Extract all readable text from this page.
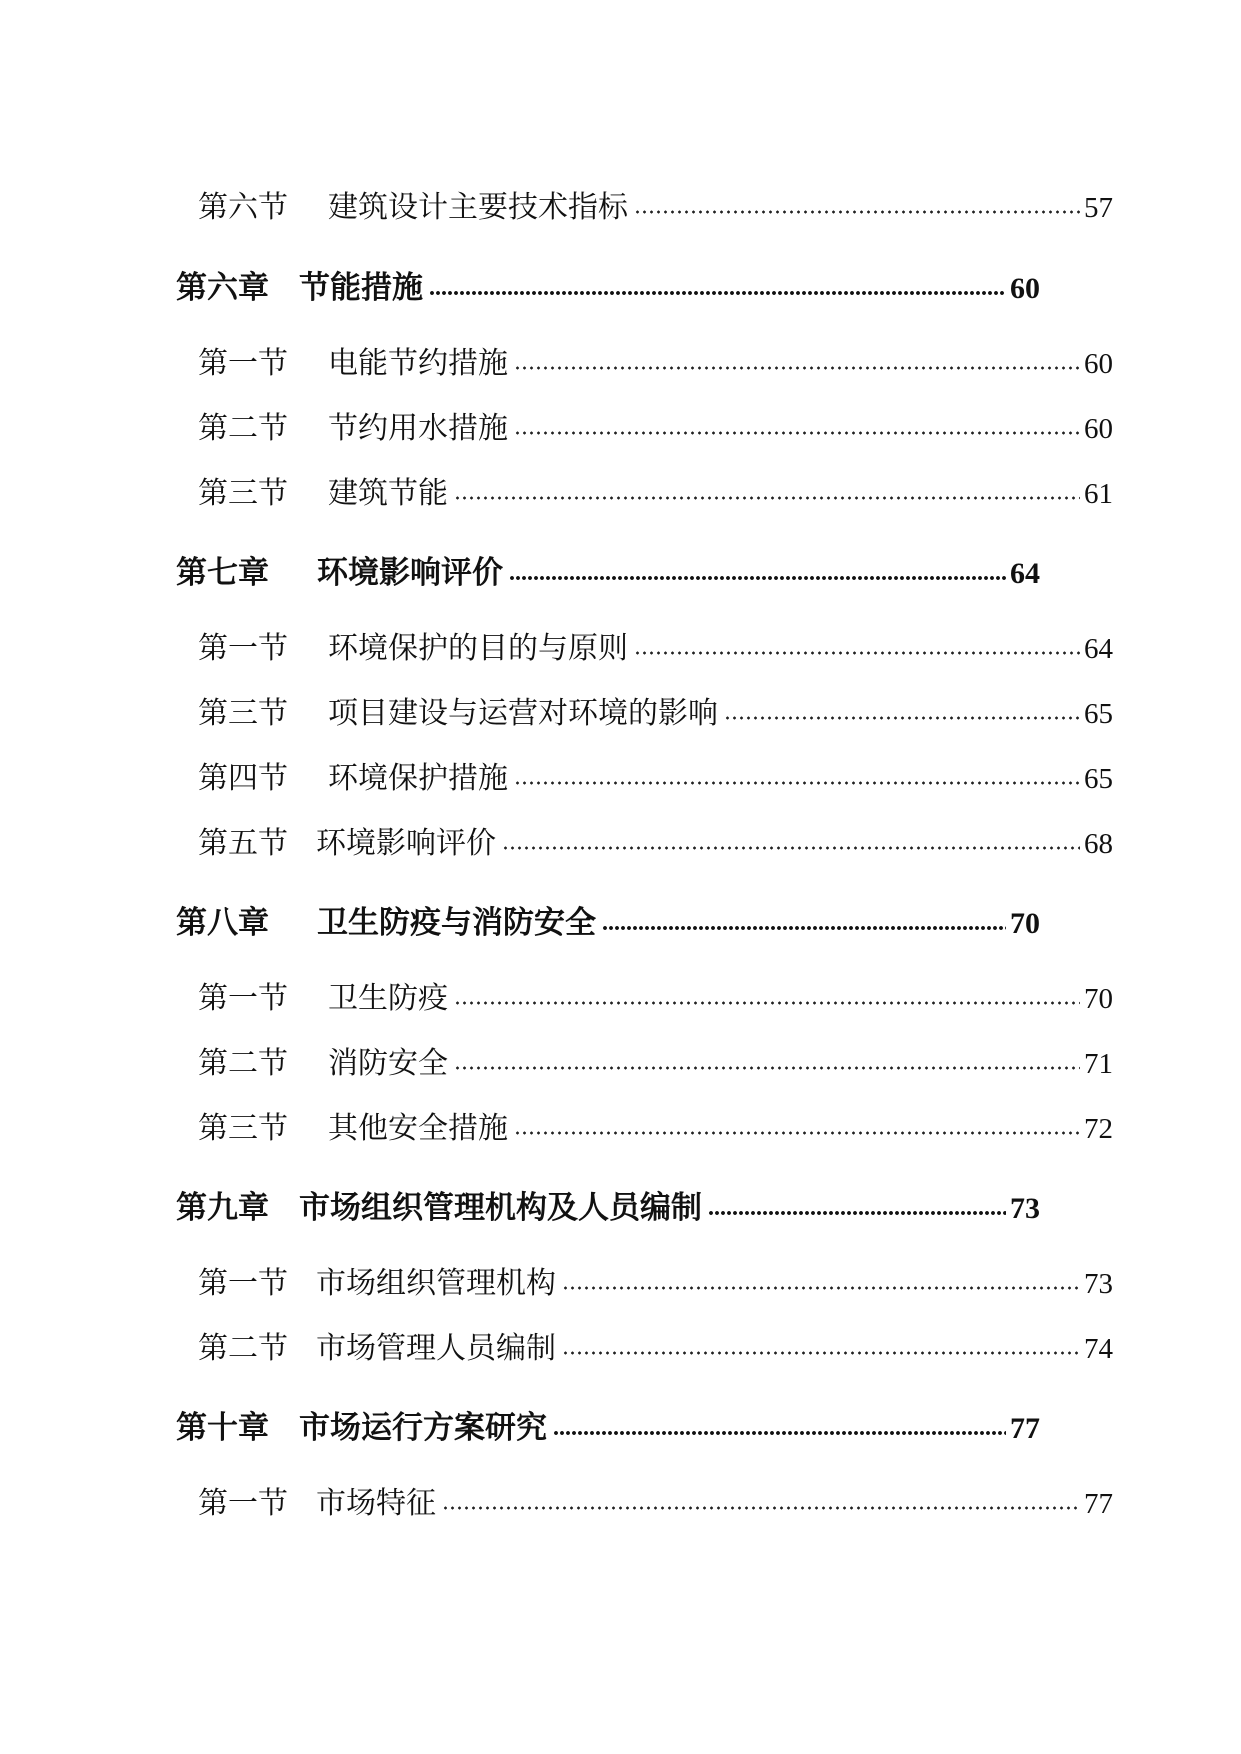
第六节 建筑设计主要技术指标	57
第六章 节能措施	60
第一节 电能节约措施	60
第二节 节约用水措施	60
第三节 建筑节能	61
第七章 环境影响评价	64
第一节 环境保护的目的与原则	64
第三节 项目建设与运营对环境的影响	65
第四节 环境保护措施	65
第五节 环境影响评价	68
第八章 卫生防疫与消防安全	70
第一节 卫生防疫	70
第二节 消防安全	71
第三节 其他安全措施	72
第九章 市场组织管理机构及人员编制	73
第一节 市场组织管理机构	73
第二节 市场管理人员编制	74
第十章 市场运行方案研究	77
第一节 市场特征	77
